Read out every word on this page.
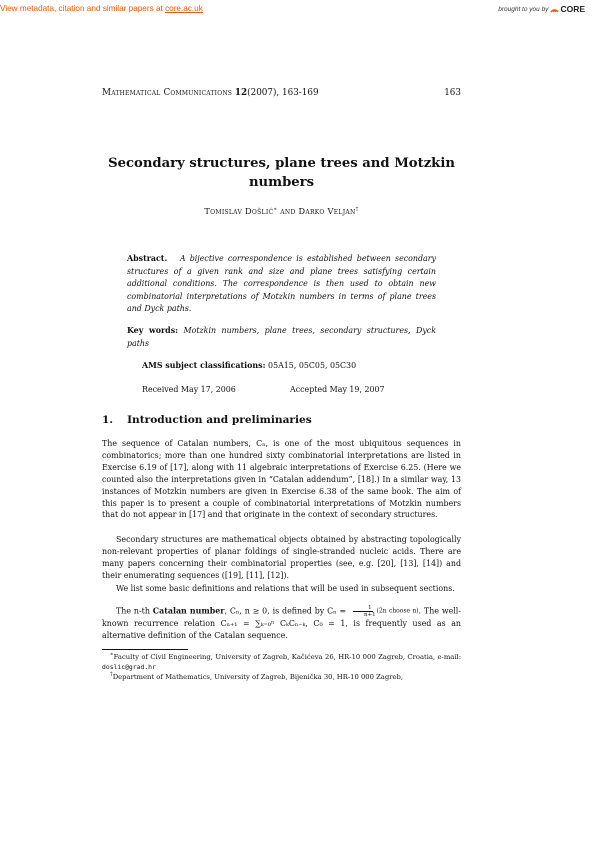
View metadata, citation and similar papers at core.ac.uk	brought to you by CORE
Mathematical Communications 12(2007), 163-169	163
Secondary structures, plane trees and Motzkin numbers
Tomislav Došlić∗ and Darko Veljan†
Abstract. A bijective correspondence is established between secondary structures of a given rank and size and plane trees satisfying certain additional conditions. The correspondence is then used to obtain new combinatorial interpretations of Motzkin numbers in terms of plane trees and Dyck paths.
Key words: Motzkin numbers, plane trees, secondary structures, Dyck paths
AMS subject classifications: 05A15, 05C05, 05C30
Received May 17, 2006	Accepted May 19, 2007
1. Introduction and preliminaries
The sequence of Catalan numbers, Cₙ, is one of the most ubiquitous sequences in combinatorics; more than one hundred sixty combinatorial interpretations are listed in Exercise 6.19 of [17], along with 11 algebraic interpretations of Exercise 6.25. (Here we counted also the interpretations given in “Catalan addendum”, [18].) In a similar way, 13 instances of Motzkin numbers are given in Exercise 6.38 of the same book. The aim of this paper is to present a couple of combinatorial interpretations of Motzkin numbers that do not appear in [17] and that originate in the context of secondary structures.
Secondary structures are mathematical objects obtained by abstracting topologically non-relevant properties of planar foldings of single-stranded nucleic acids. There are many papers concerning their combinatorial properties (see, e.g. [20], [13], [14]) and their enumerating sequences ([19], [11], [12]).
We list some basic definitions and relations that will be used in subsequent sections.
The n-th Catalan number, Cₙ, n ≥ 0, is defined by $C_n = \frac{1}{n+1} (2n$ choose n). The well-known recurrence relation Cₙ₊₁ = ∑ₖ₌₀ⁿ CₖCₙ₋ₖ, C₀ = 1, is frequently used as an alternative definition of the Catalan sequence.
∗Faculty of Civil Engineering, University of Zagreb, Kačićeva 26, HR-10 000 Zagreb, Croatia, e-mail: doslic@grad.hr
†Department of Mathematics, University of Zagreb, Bijenička 30, HR-10 000 Zagreb,
